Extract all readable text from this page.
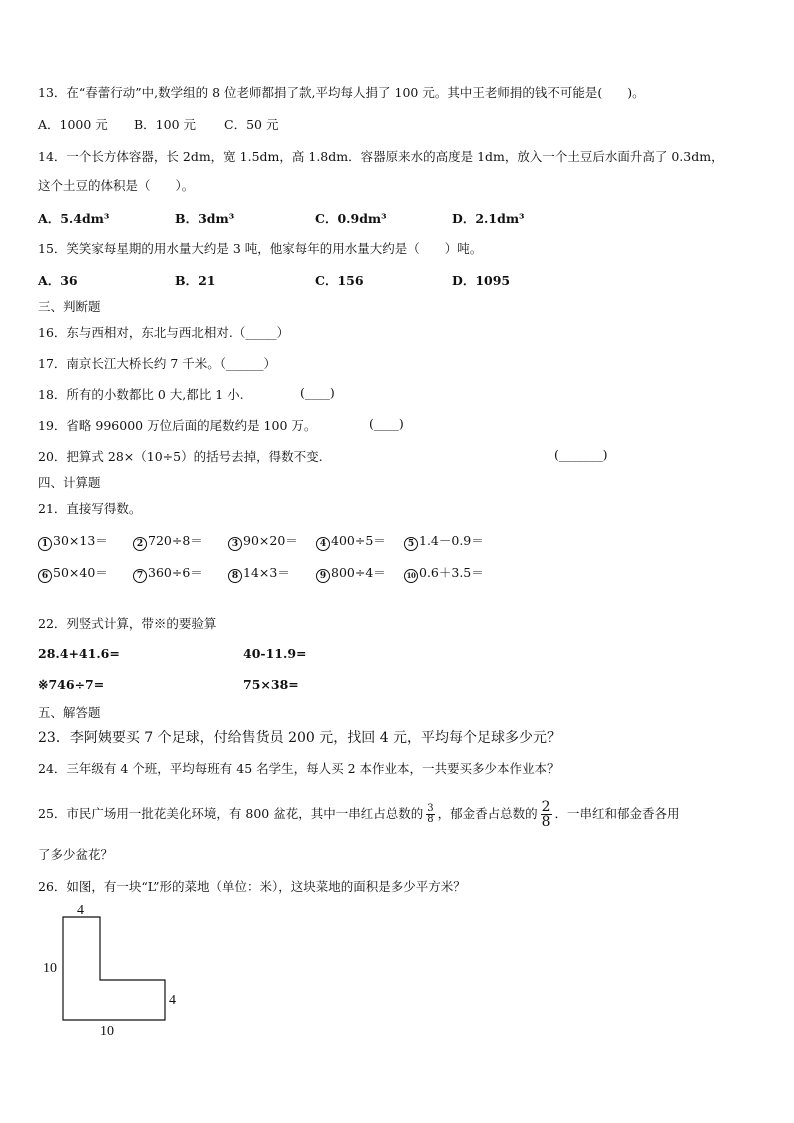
13．在“春蕾行动”中,数学组的 8 位老师都捐了款,平均每人捐了 100 元。其中王老师捐的钱不可能是(　　)。
A．1000 元 B．100 元 C．50 元
14．一个长方体容器，长 2dm，宽 1.5dm，高 1.8dm．容器原来水的高度是 1dm，放入一个土豆后水面升高了 0.3dm，
这个土豆的体积是（　　）。
A．5.4dm³	B．3dm³	C．0.9dm³	D．2.1dm³
15．笑笑家每星期的用水量大约是 3 吨，他家每年的用水量大约是（　　）吨。
A．36	B．21	C．156	D．1095
三、判断题
16．东与西相对，东北与西北相对.（_____）
17．南京长江大桥长约 7 千米。（______）
18．所有的小数都比 0 大,都比 1 小.	(____)
19．省略 996000 万位后面的尾数约是 100 万。	(____)
20．把算式 28×（10÷5）的括号去掉，得数不变.	(_______)
四、计算题
21．直接写得数。
1 30×13＝	2 720÷8＝	3 90×20＝	4 400÷5＝	5 1.4－0.9＝
6 50×40＝	7 360÷6＝	8 14×3＝	9 800÷4＝	10 0.6＋3.5＝
22．列竖式计算，带※的要验算
28.4+41.6=	40-11.9=
※746÷7=	75×38=
五、解答题
23．李阿姨要买 7 个足球，付给售货员 200 元，找回 4 元，平均每个足球多少元？
24．三年级有 4 个班，平均每班有 45 名学生，每人买 2 本作业本，一共要买多少本作业本？
25．市民广场用一批花美化环境，有 800 盆花，其中一串红占总数的 $\frac{3}{8}$ ，郁金香占总数的 $\frac{2}{8}$ ．一串红和郁金香各用
了多少盆花？
26．如图，有一块“L”形的菜地（单位：米），这块菜地的面积是多少平方米？
4
10
4
10
